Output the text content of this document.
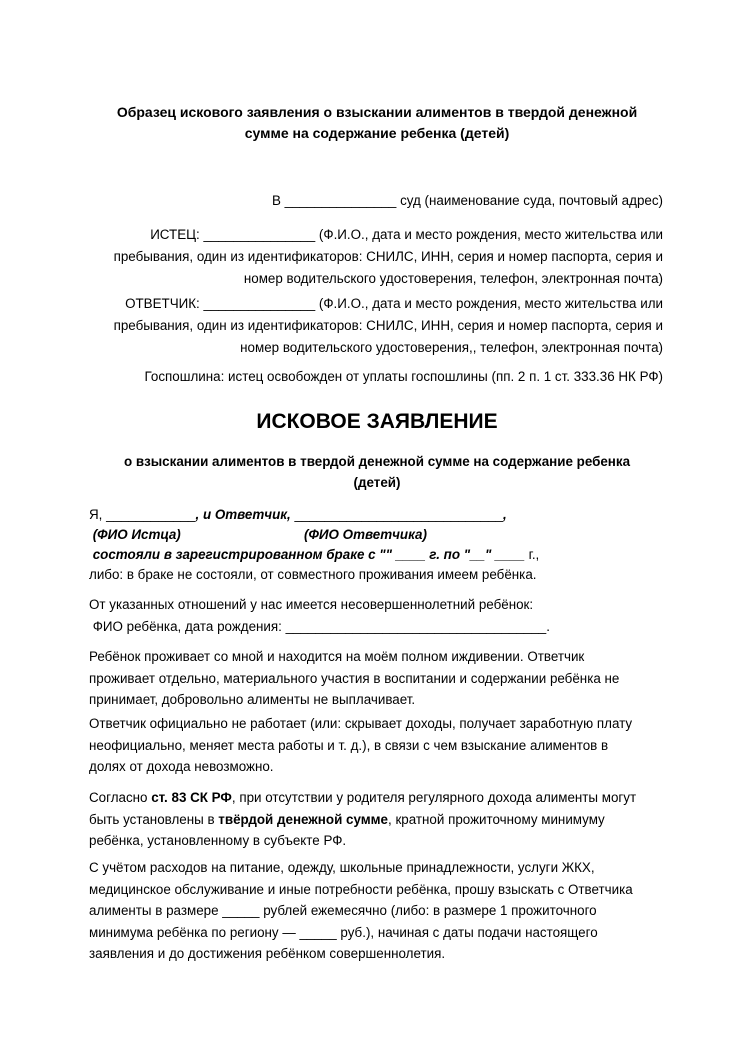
Образец искового заявления о взыскании алиментов в твердой денежной
сумме на содержание ребенка (детей)
В _______________ суд (наименование суда, почтовый адрес)
ИСТЕЦ: _______________ (Ф.И.О., дата и место рождения, место жительства или
пребывания, один из идентификаторов: СНИЛС, ИНН, серия и номер паспорта, серия и
номер водительского удостоверения, телефон, электронная почта)
ОТВЕТЧИК: _______________ (Ф.И.О., дата и место рождения, место жительства или
пребывания, один из идентификаторов: СНИЛС, ИНН, серия и номер паспорта, серия и
номер водительского удостоверения,, телефон, электронная почта)
Госпошлина: истец освобожден от уплаты госпошлины (пп. 2 п. 1 ст. 333.36 НК РФ)
ИСКОВОЕ ЗАЯВЛЕНИЕ
о взыскании алиментов в твердой денежной сумме на содержание ребенка
(детей)
Я, ____________, и Ответчик, ____________________________,
(ФИО Истца)	(ФИО Ответчика)
состояли в зарегистрированном браке с "" ____ г. по "__" ____ г.,
либо: в браке не состояли, от совместного проживания имеем ребёнка.
От указанных отношений у нас имеется несовершеннолетний ребёнок:
ФИО ребёнка, дата рождения: ___________________________________.
Ребёнок проживает со мной и находится на моём полном иждивении. Ответчик
проживает отдельно, материального участия в воспитании и содержании ребёнка не
принимает, добровольно алименты не выплачивает.
Ответчик официально не работает (или: скрывает доходы, получает заработную плату
неофициально, меняет места работы и т. д.), в связи с чем взыскание алиментов в
долях от дохода невозможно.
Согласно ст. 83 СК РФ, при отсутствии у родителя регулярного дохода алименты могут
быть установлены в твёрдой денежной сумме, кратной прожиточному минимуму
ребёнка, установленному в субъекте РФ.
С учётом расходов на питание, одежду, школьные принадлежности, услуги ЖКХ,
медицинское обслуживание и иные потребности ребёнка, прошу взыскать с Ответчика
алименты в размере _____ рублей ежемесячно (либо: в размере 1 прожиточного
минимума ребёнка по региону — _____ руб.), начиная с даты подачи настоящего
заявления и до достижения ребёнком совершеннолетия.
